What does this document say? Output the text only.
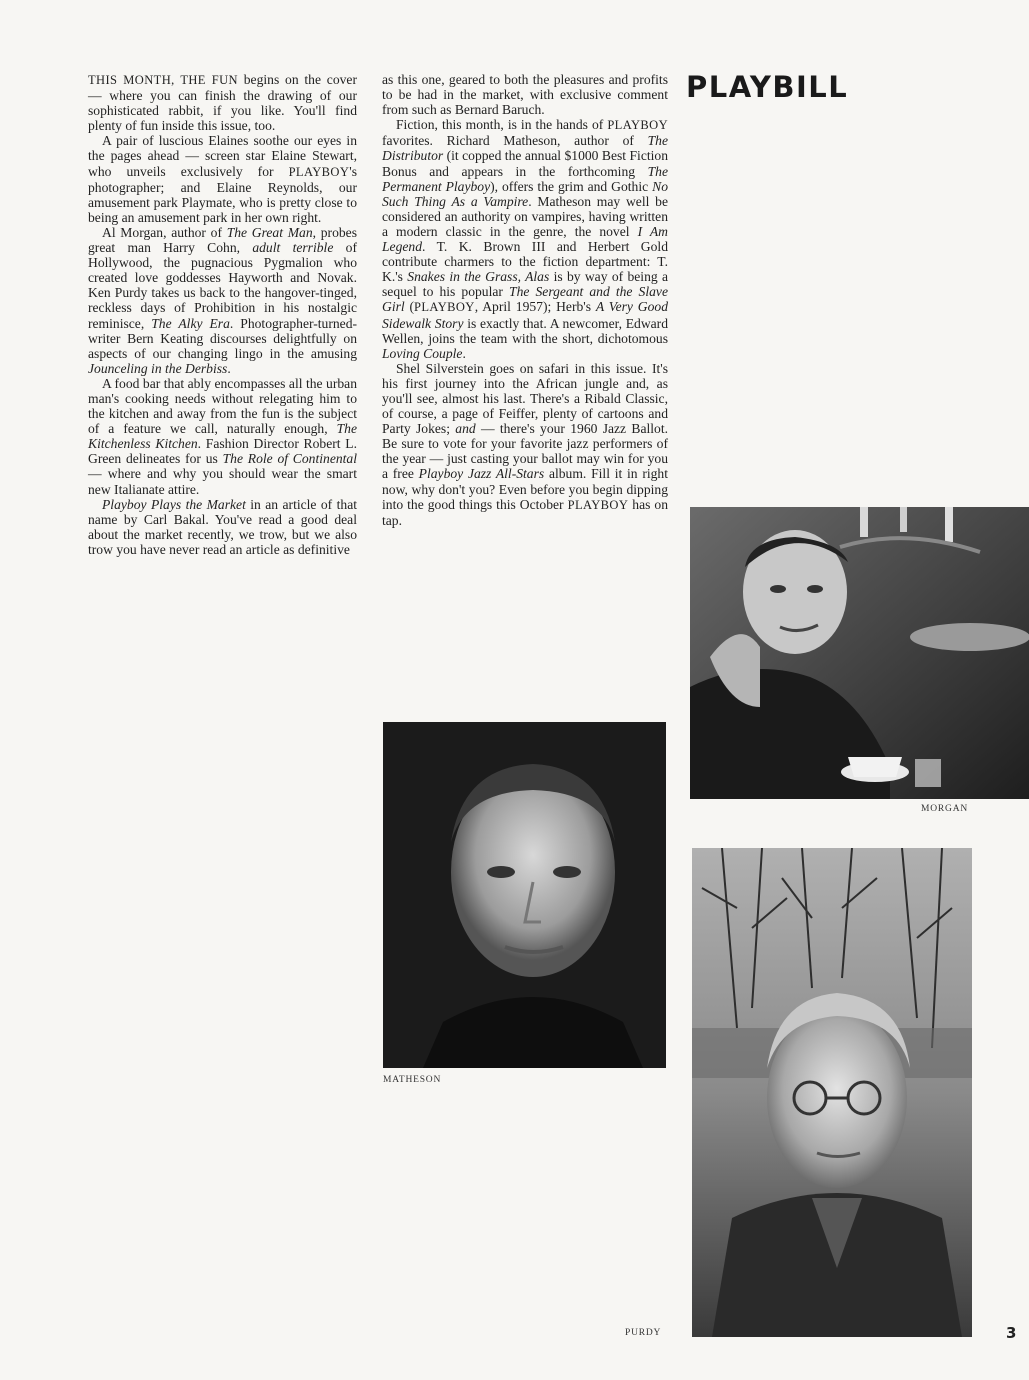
PLAYBILL

THIS MONTH, THE FUN begins on the cover — where you can finish the drawing of our sophisticated rabbit, if you like. You'll find plenty of fun inside this issue, too.

A pair of luscious Elaines soothe our eyes in the pages ahead — screen star Elaine Stewart, who unveils exclusively for PLAYBOY's photographer; and Elaine Reynolds, our amusement park Playmate, who is pretty close to being an amusement park in her own right.

Al Morgan, author of The Great Man, probes great man Harry Cohn, adult terrible of Hollywood, the pugnacious Pygmalion who created love goddesses Hayworth and Novak. Ken Purdy takes us back to the hangover-tinged, reckless days of Prohibition in his nostalgic reminisce, The Alky Era. Photographer-turned-writer Bern Keating discourses delightfully on aspects of our changing lingo in the amusing Jounceling in the Derbiss.

A food bar that ably encompasses all the urban man's cooking needs without relegating him to the kitchen and away from the fun is the subject of a feature we call, naturally enough, The Kitchenless Kitchen. Fashion Director Robert L. Green delineates for us The Role of Continental — where and why you should wear the smart new Italianate attire.

Playboy Plays the Market in an article of that name by Carl Bakal. You've read a good deal about the market recently, we trow, but we also trow you have never read an article as definitive

as this one, geared to both the pleasures and profits to be had in the market, with exclusive comment from such as Bernard Baruch.

Fiction, this month, is in the hands of PLAYBOY favorites. Richard Matheson, author of The Distributor (it copped the annual $1000 Best Fiction Bonus and appears in the forthcoming The Permanent Playboy), offers the grim and Gothic No Such Thing As a Vampire. Matheson may well be considered an authority on vampires, having written a modern classic in the genre, the novel I Am Legend. T. K. Brown III and Herbert Gold contribute charmers to the fiction department: T. K.'s Snakes in the Grass, Alas is by way of being a sequel to his popular The Sergeant and the Slave Girl (PLAYBOY, April 1957); Herb's A Very Good Sidewalk Story is exactly that. A newcomer, Edward Wellen, joins the team with the short, dichotomous Loving Couple.

Shel Silverstein goes on safari in this issue. It's his first journey into the African jungle and, as you'll see, almost his last. There's a Ribald Classic, of course, a page of Feiffer, plenty of cartoons and Party Jokes; and — there's your 1960 Jazz Ballot. Be sure to vote for your favorite jazz performers of the year — just casting your ballot may win for you a free Playboy Jazz All-Stars album. Fill it in right now, why don't you? Even before you begin dipping into the good things this October PLAYBOY has on tap.

MORGAN
MATHESON
PURDY	3
